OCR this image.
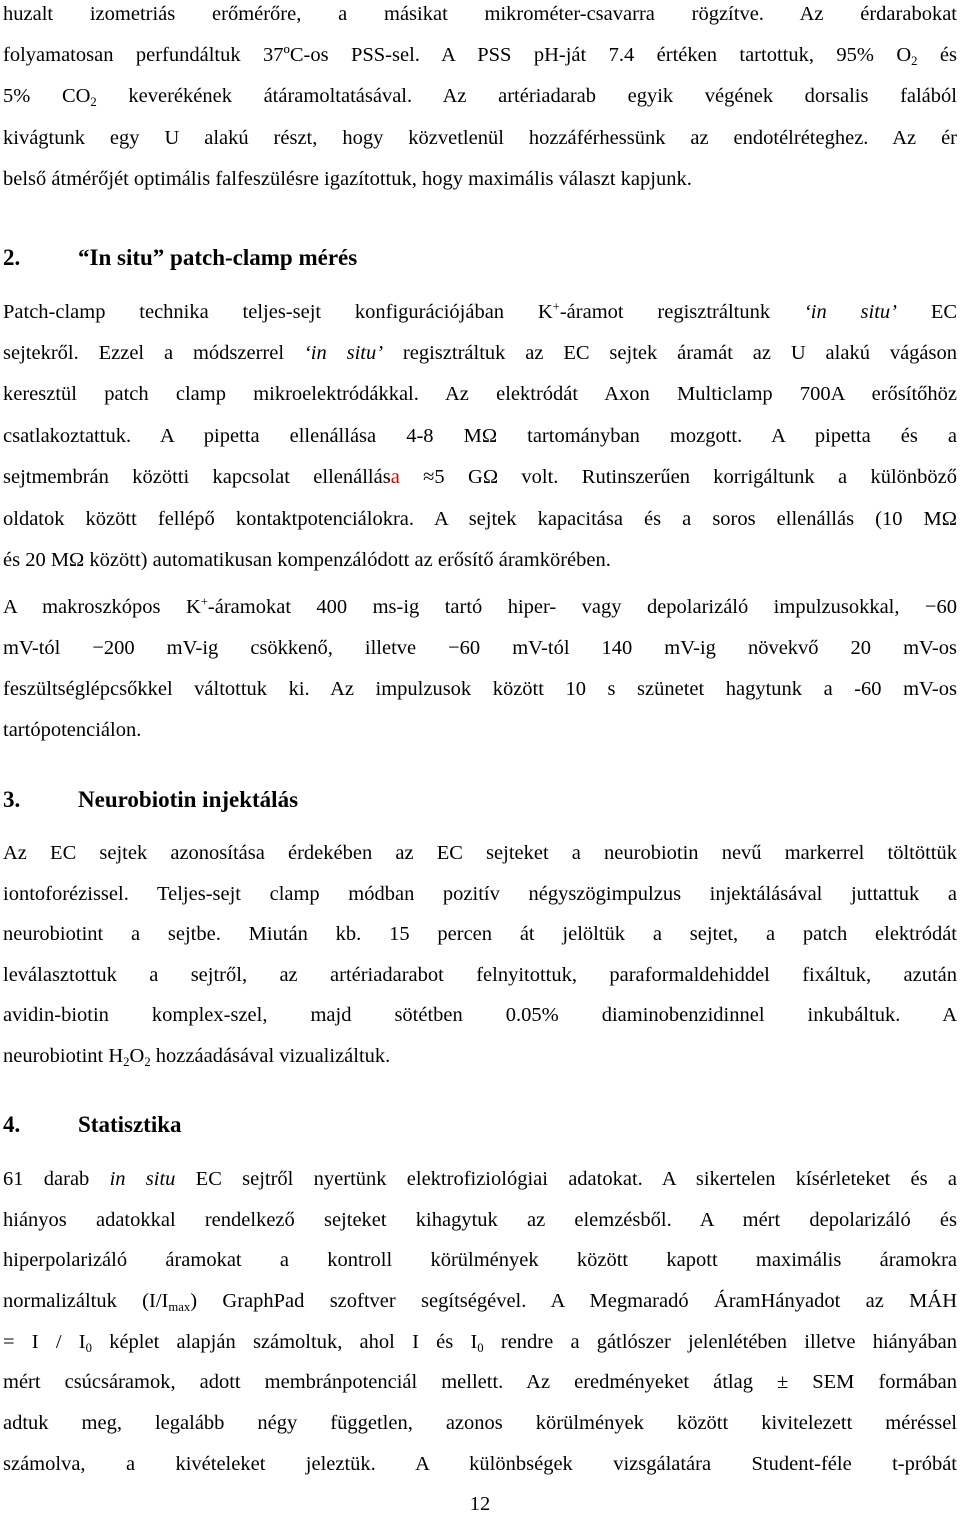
huzalt izometriás erőmérőre, a másikat mikrométer-csavarra rögzítve. Az érdarabokat
folyamatosan perfundáltuk 37ºC-os PSS-sel. A PSS pH-ját 7.4 értéken tartottuk, 95% $O_2$ és
5% $CO_2$ keverékének átáramoltatásával. Az artériadarab egyik végének dorsalis falából
kivágtunk egy U alakú részt, hogy közvetlenül hozzáférhessünk az endotélréteghez. Az ér
belső átmérőjét optimális falfeszülésre igazítottuk, hogy maximális választ kapjunk.
2.	“In situ” patch-clamp mérés
Patch-clamp technika teljes-sejt konfigurációjában K+-áramot regisztráltunk ‘in situ’ EC
sejtekről. Ezzel a módszerrel ‘in situ’ regisztráltuk az EC sejtek áramát az U alakú vágáson
keresztül patch clamp mikroelektródákkal. Az elektródát Axon Multiclamp 700A erősítőhöz
csatlakoztattuk. A pipetta ellenállása 4-8 MΩ tartományban mozgott. A pipetta és a
sejtmembrán közötti kapcsolat ellenállása ≈5 GΩ volt. Rutinszerűen korrigáltunk a különböző
oldatok között fellépő kontaktpotenciálokra. A sejtek kapacitása és a soros ellenállás (10 MΩ
és 20 MΩ között) automatikusan kompenzálódott az erősítő áramkörében.
A makroszkópos K+-áramokat 400 ms-ig tartó hiper- vagy depolarizáló impulzusokkal, −60
mV-tól −200 mV-ig csökkenő, illetve −60 mV-tól 140 mV-ig növekvő 20 mV-os
feszültséglépcsőkkel váltottuk ki. Az impulzusok között 10 s szünetet hagytunk a -60 mV-os
tartópotenciálon.
3.	Neurobiotin injektálás
Az EC sejtek azonosítása érdekében az EC sejteket a neurobiotin nevű markerrel töltöttük
iontoforézissel. Teljes-sejt clamp módban pozitív négyszögimpulzus injektálásával juttattuk a
neurobiotint a sejtbe. Miután kb. 15 percen át jelöltük a sejtet, a patch elektródát
leválasztottuk a sejtről, az artériadarabot felnyitottuk, paraformaldehiddel fixáltuk, azután
avidin-biotin komplex-szel, majd sötétben 0.05% diaminobenzidinnel inkubáltuk. A
neurobiotint $H_2O_2$ hozzáadásával vizualizáltuk.
4.	Statisztika
61 darab in situ EC sejtről nyertünk elektrofiziológiai adatokat. A sikertelen kísérleteket és a
hiányos adatokkal rendelkező sejteket kihagytuk az elemzésből. A mért depolarizáló és
hiperpolarizáló áramokat a kontroll körülmények között kapott maximális áramokra
normalizáltuk $(I/I_{max})$ GraphPad szoftver segítségével. A Megmaradó ÁramHányadot az MÁH
= I / $I_0$ képlet alapján számoltuk, ahol I és $I_0$ rendre a gátlószer jelenlétében illetve hiányában
mért csúcsáramok, adott membránpotenciál mellett. Az eredményeket átlag ± SEM formában
adtuk meg, legalább négy független, azonos körülmények között kivitelezett méréssel
számolva, a kivételeket jeleztük. A különbségek vizsgálatára Student-féle t-próbát
12
